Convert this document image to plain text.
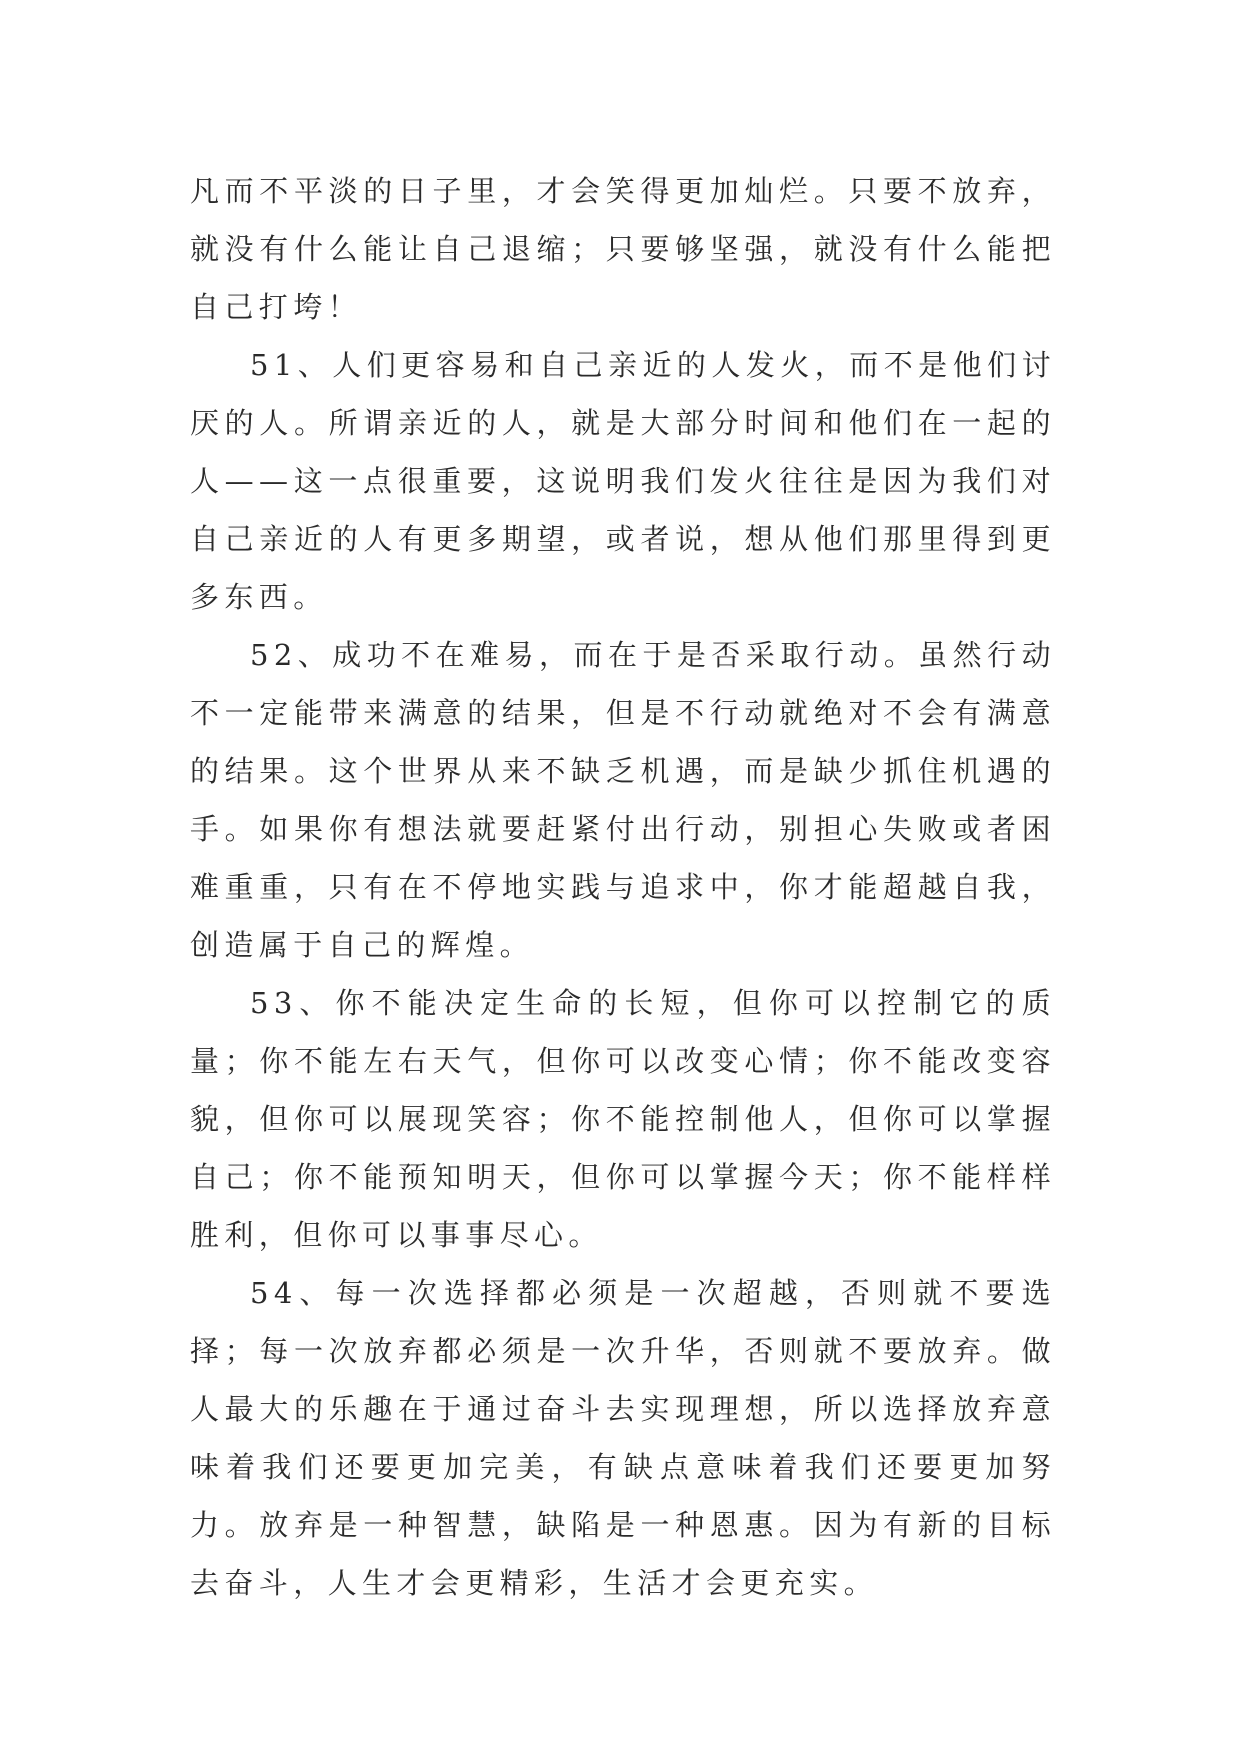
凡而不平淡的日子里，才会笑得更加灿烂。只要不放弃，就没有什么能让自己退缩；只要够坚强，就没有什么能把自己打垮！

51、人们更容易和自己亲近的人发火，而不是他们讨厌的人。所谓亲近的人，就是大部分时间和他们在一起的人——这一点很重要，这说明我们发火往往是因为我们对自己亲近的人有更多期望，或者说，想从他们那里得到更多东西。

52、成功不在难易，而在于是否采取行动。虽然行动不一定能带来满意的结果，但是不行动就绝对不会有满意的结果。这个世界从来不缺乏机遇，而是缺少抓住机遇的手。如果你有想法就要赶紧付出行动，别担心失败或者困难重重，只有在不停地实践与追求中，你才能超越自我，创造属于自己的辉煌。

53、你不能决定生命的长短，但你可以控制它的质量；你不能左右天气，但你可以改变心情；你不能改变容貌，但你可以展现笑容；你不能控制他人，但你可以掌握自己；你不能预知明天，但你可以掌握今天；你不能样样胜利，但你可以事事尽心。

54、每一次选择都必须是一次超越，否则就不要选择；每一次放弃都必须是一次升华，否则就不要放弃。做人最大的乐趣在于通过奋斗去实现理想，所以选择放弃意味着我们还要更加完美，有缺点意味着我们还要更加努力。放弃是一种智慧，缺陷是一种恩惠。因为有新的目标去奋斗，人生才会更精彩，生活才会更充实。
